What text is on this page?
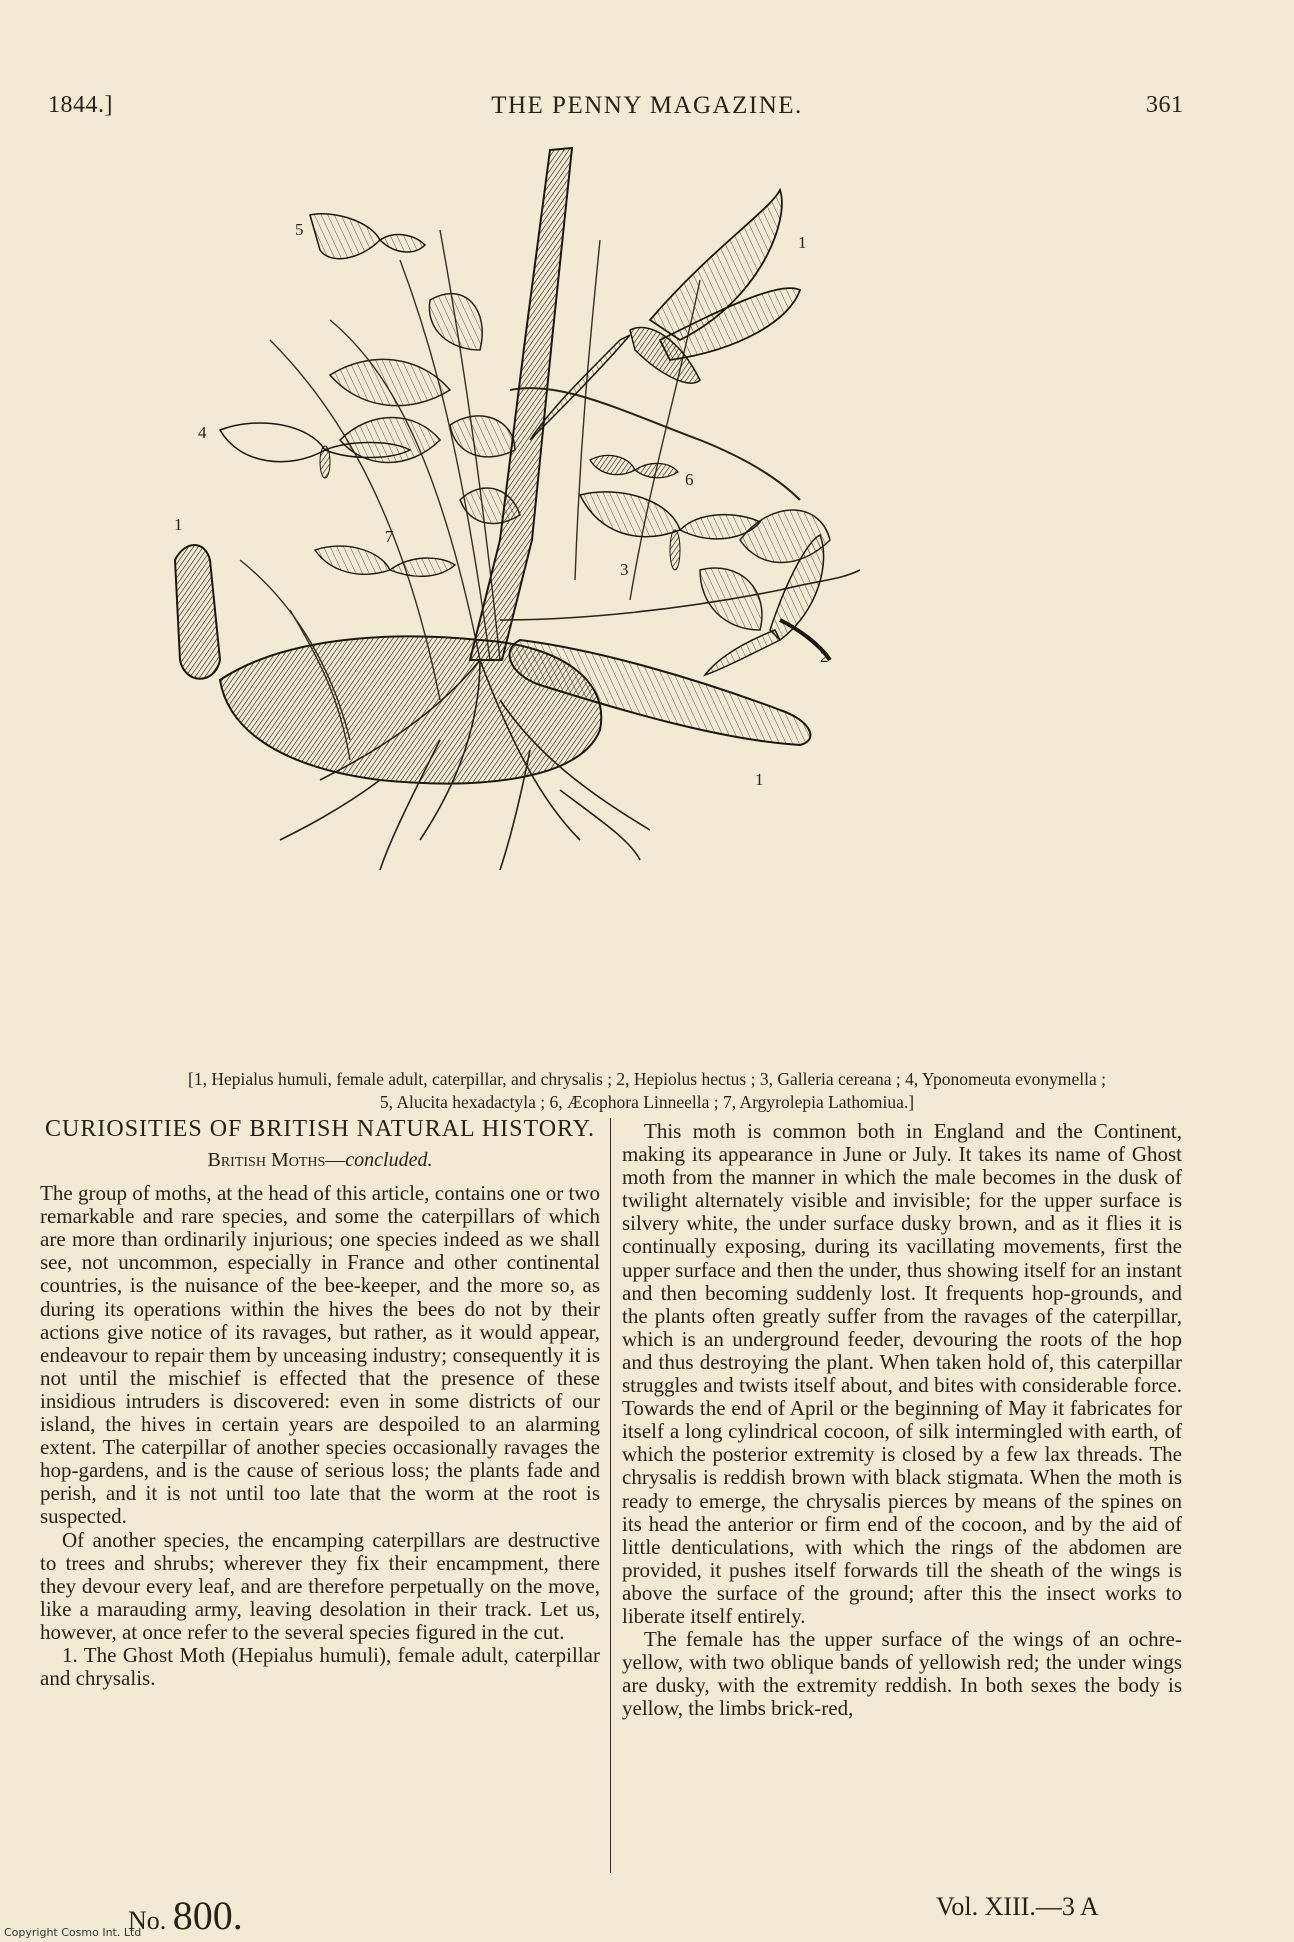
1844.]	THE PENNY MAGAZINE.	361
5
1
4
6
1
7
3
2
1
[1, Hepialus humuli, female adult, caterpillar, and chrysalis ; 2, Hepiolus hectus ; 3, Galleria cereana ; 4, Yponomeuta evonymella ;
5, Alucita hexadactyla ; 6, Æcophora Linneella ; 7, Argyrolepia Lathomiua.]
CURIOSITIES OF BRITISH NATURAL HISTORY.
British Moths—concluded.

The group of moths, at the head of this article, contains one or two remarkable and rare species, and some the caterpillars of which are more than ordinarily injurious; one species indeed as we shall see, not uncommon, especially in France and other continental countries, is the nuisance of the bee-keeper, and the more so, as during its operations within the hives the bees do not by their actions give notice of its ravages, but rather, as it would appear, endeavour to repair them by unceasing industry; consequently it is not until the mischief is effected that the presence of these insidious intruders is discovered: even in some districts of our island, the hives in certain years are despoiled to an alarming extent. The caterpillar of another species occasionally ravages the hop-gardens, and is the cause of serious loss; the plants fade and perish, and it is not until too late that the worm at the root is suspected.

Of another species, the encamping caterpillars are destructive to trees and shrubs; wherever they fix their encampment, there they devour every leaf, and are therefore perpetually on the move, like a marauding army, leaving desolation in their track. Let us, however, at once refer to the several species figured in the cut.

1. The Ghost Moth (Hepialus humuli), female adult, caterpillar and chrysalis.

This moth is common both in England and the Continent, making its appearance in June or July. It takes its name of Ghost moth from the manner in which the male becomes in the dusk of twilight alternately visible and invisible; for the upper surface is silvery white, the under surface dusky brown, and as it flies it is continually exposing, during its vacillating movements, first the upper surface and then the under, thus showing itself for an instant and then becoming suddenly lost. It frequents hop-grounds, and the plants often greatly suffer from the ravages of the caterpillar, which is an underground feeder, devouring the roots of the hop and thus destroying the plant. When taken hold of, this caterpillar struggles and twists itself about, and bites with considerable force. Towards the end of April or the beginning of May it fabricates for itself a long cylindrical cocoon, of silk intermingled with earth, of which the posterior extremity is closed by a few lax threads. The chrysalis is reddish brown with black stigmata. When the moth is ready to emerge, the chrysalis pierces by means of the spines on its head the anterior or firm end of the cocoon, and by the aid of little denticulations, with which the rings of the abdomen are provided, it pushes itself forwards till the sheath of the wings is above the surface of the ground; after this the insect works to liberate itself entirely.

The female has the upper surface of the wings of an ochre-yellow, with two oblique bands of yellowish red; the under wings are dusky, with the extremity reddish. In both sexes the body is yellow, the limbs brick-red,

No. 800.	Vol. XIII.—3 A
Copyright Cosmo Int. Ltd
